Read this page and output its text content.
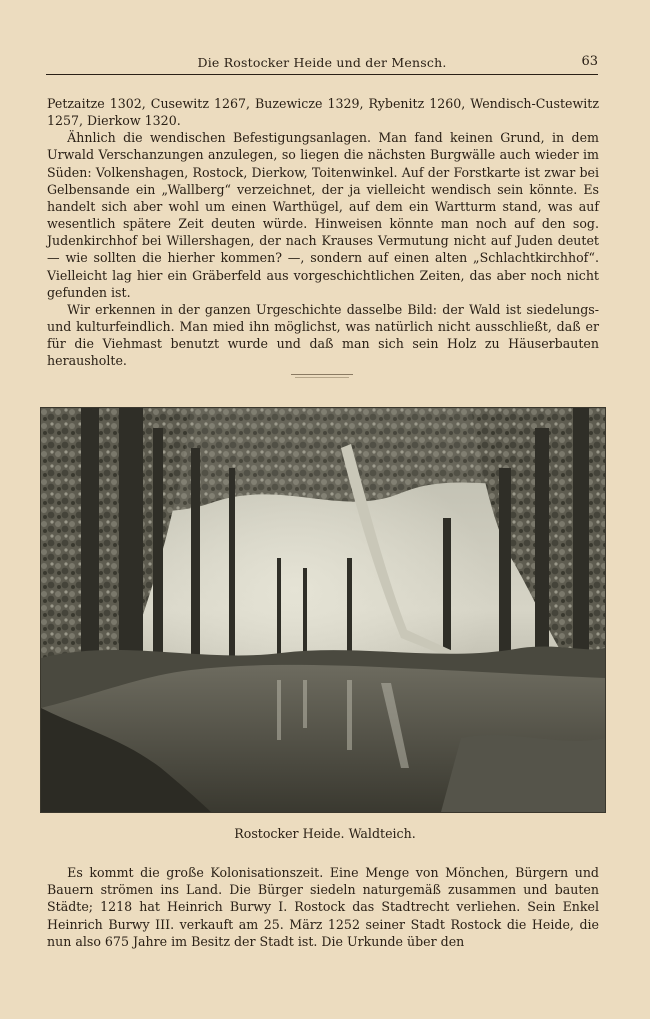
Die Rostocker Heide und der Mensch.	63

Petzaitze 1302, Cusewitz 1267, Buzewicze 1329, Rybenitz 1260, Wendisch-Custewitz 1257, Dierkow 1320.

Ähnlich die wendischen Befestigungsanlagen. Man fand keinen Grund, in dem Urwald Verschanzungen anzulegen, so liegen die nächsten Burgwälle auch wieder im Süden: Volkenshagen, Rostock, Dierkow, Toitenwinkel. Auf der Forstkarte ist zwar bei Gelbensande ein „Wallberg“ verzeichnet, der ja vielleicht wendisch sein könnte. Es handelt sich aber wohl um einen Warthügel, auf dem ein Wartturm stand, was auf wesentlich spätere Zeit deuten würde. Hinweisen könnte man noch auf den sog. Judenkirchhof bei Willershagen, der nach Krauses Vermutung nicht auf Juden deutet — wie sollten die hierher kommen? —, sondern auf einen alten „Schlachtkirchhof“. Vielleicht lag hier ein Gräberfeld aus vorgeschichtlichen Zeiten, das aber noch nicht gefunden ist.

Wir erkennen in der ganzen Urgeschichte dasselbe Bild: der Wald ist siedelungs- und kulturfeindlich. Man mied ihn möglichst, was natürlich nicht ausschließt, daß er für die Viehmast benutzt wurde und daß man sich sein Holz zu Häuserbauten herausholte.

Rostocker Heide. Waldteich.

Es kommt die große Kolonisationszeit. Eine Menge von Mönchen, Bürgern und Bauern strömen ins Land. Die Bürger siedeln naturgemäß zusammen und bauten Städte; 1218 hat Heinrich Burwy I. Rostock das Stadtrecht verliehen. Sein Enkel Heinrich Burwy III. verkauft am 25. März 1252 seiner Stadt Rostock die Heide, die nun also 675 Jahre im Besitz der Stadt ist. Die Urkunde über den
